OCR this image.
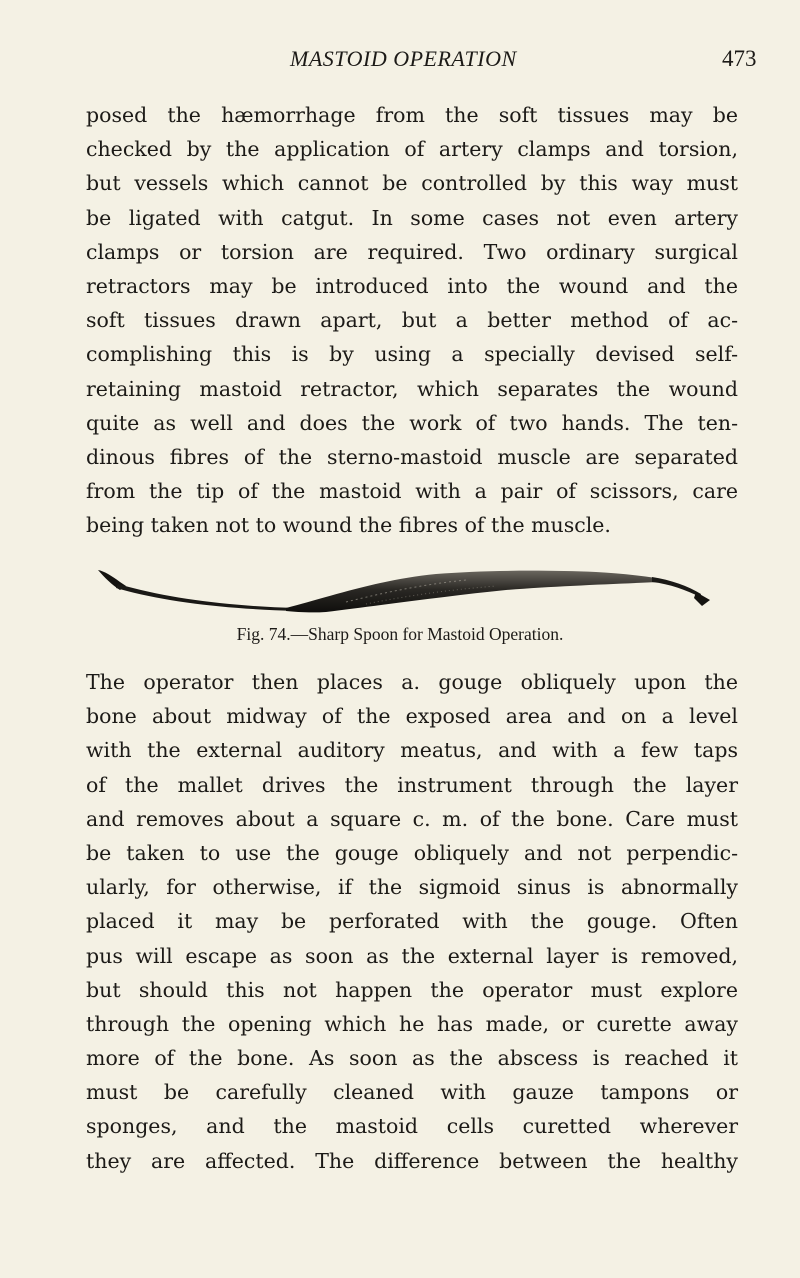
MASTOID OPERATION	473
posed the hæmorrhage from the soft tissues may be
checked by the application of artery clamps and torsion,
but vessels which cannot be controlled by this way must
be ligated with catgut. In some cases not even artery
clamps or torsion are required. Two ordinary surgical
retractors may be introduced into the wound and the
soft tissues drawn apart, but a better method of ac-
complishing this is by using a specially devised self-
retaining mastoid retractor, which separates the wound
quite as well and does the work of two hands. The ten-
dinous fibres of the sterno-mastoid muscle are separated
from the tip of the mastoid with a pair of scissors, care
being taken not to wound the fibres of the muscle.
Fig. 74.—Sharp Spoon for Mastoid Operation.
The operator then places a. gouge obliquely upon the
bone about midway of the exposed area and on a level
with the external auditory meatus, and with a few taps
of the mallet drives the instrument through the layer
and removes about a square c. m. of the bone. Care must
be taken to use the gouge obliquely and not perpendic-
ularly, for otherwise, if the sigmoid sinus is abnormally
placed it may be perforated with the gouge. Often
pus will escape as soon as the external layer is removed,
but should this not happen the operator must explore
through the opening which he has made, or curette away
more of the bone. As soon as the abscess is reached it
must be carefully cleaned with gauze tampons or
sponges, and the mastoid cells curetted wherever
they are affected. The difference between the healthy
